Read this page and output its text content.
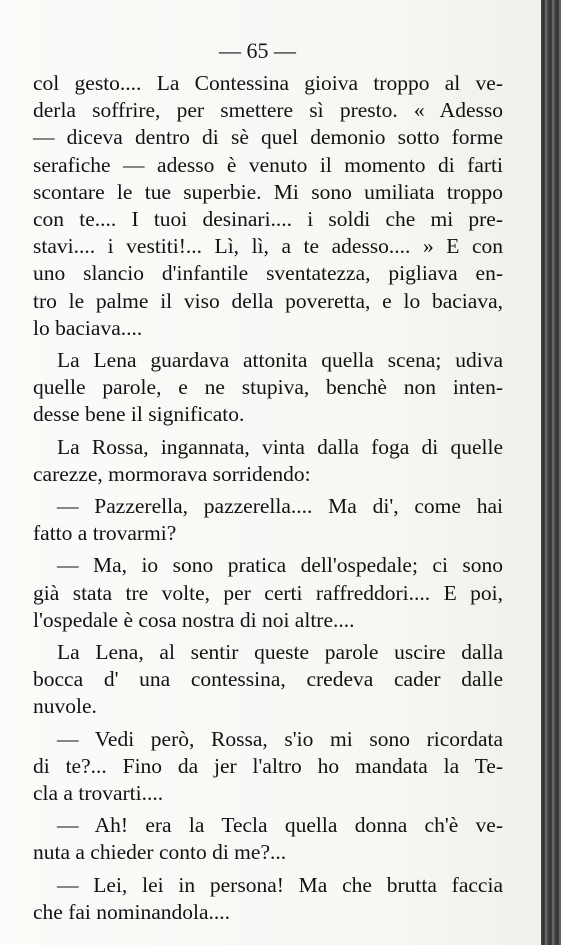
— 65 —
col gesto.... La Contessina gioiva troppo al ve-
derla soffrire, per smettere sì presto. « Adesso
— diceva dentro di sè quel demonio sotto forme
serafiche — adesso è venuto il momento di farti
scontare le tue superbie. Mi sono umiliata troppo
con te.... I tuoi desinari.... i soldi che mi pre-
stavi.... i vestiti!... Lì, lì, a te adesso.... » E con
uno slancio d'infantile sventatezza, pigliava en-
tro le palme il viso della poveretta, e lo baciava,
lo baciava....
La Lena guardava attonita quella scena; udiva
quelle parole, e ne stupiva, benchè non inten-
desse bene il significato.
La Rossa, ingannata, vinta dalla foga di quelle
carezze, mormorava sorridendo:
— Pazzerella, pazzerella.... Ma di', come hai
fatto a trovarmi?
— Ma, io sono pratica dell'ospedale; ci sono
già stata tre volte, per certi raffreddori.... E poi,
l'ospedale è cosa nostra di noi altre....
La Lena, al sentir queste parole uscire dalla
bocca d' una contessina, credeva cader dalle
nuvole.
— Vedi però, Rossa, s'io mi sono ricordata
di te?... Fino da jer l'altro ho mandata la Te-
cla a trovarti....
— Ah! era la Tecla quella donna ch'è ve-
nuta a chieder conto di me?...
— Lei, lei in persona! Ma che brutta faccia
che fai nominandola....
